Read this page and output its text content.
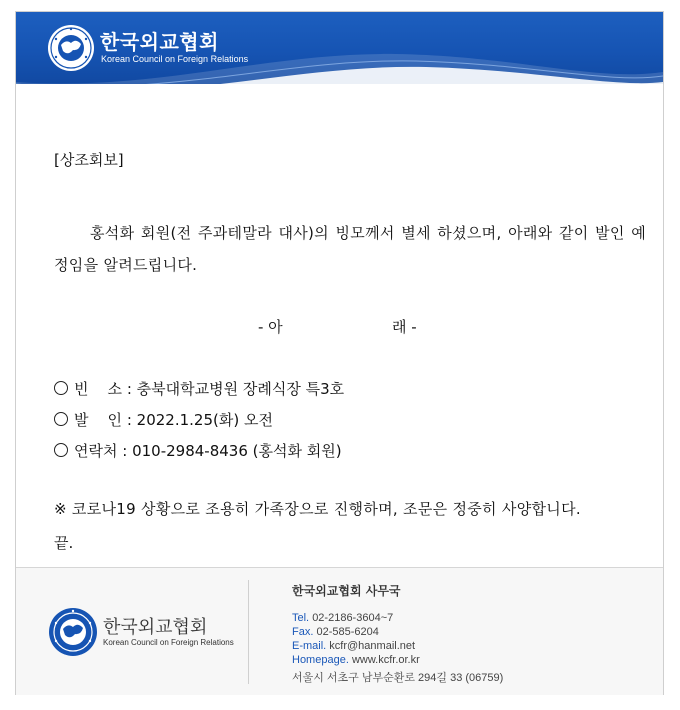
한국외교협회
Korean Council on Foreign Relations
[상조회보]
홍석화 회원(전 주과테말라 대사)의 빙모께서 별세 하셨으며, 아래와 같이 발인 예정임을 알려드립니다.
- 아	래 -
빈    소 : 충북대학교병원 장례식장 특3호
발    인 : 2022.1.25(화) 오전
연락처 : 010-2984-8436 (홍석화 회원)
※ 코로나19 상황으로 조용히 가족장으로 진행하며, 조문은 정중히 사양합니다.
끝.
한국외교협회
Korean Council on Foreign Relations
한국외교협회 사무국
Tel. 02-2186-3604~7
Fax. 02-585-6204
E-mail. kcfr@hanmail.net
Homepage. www.kcfr.or.kr
서울시 서초구 남부순환로 294길 33 (06759)
